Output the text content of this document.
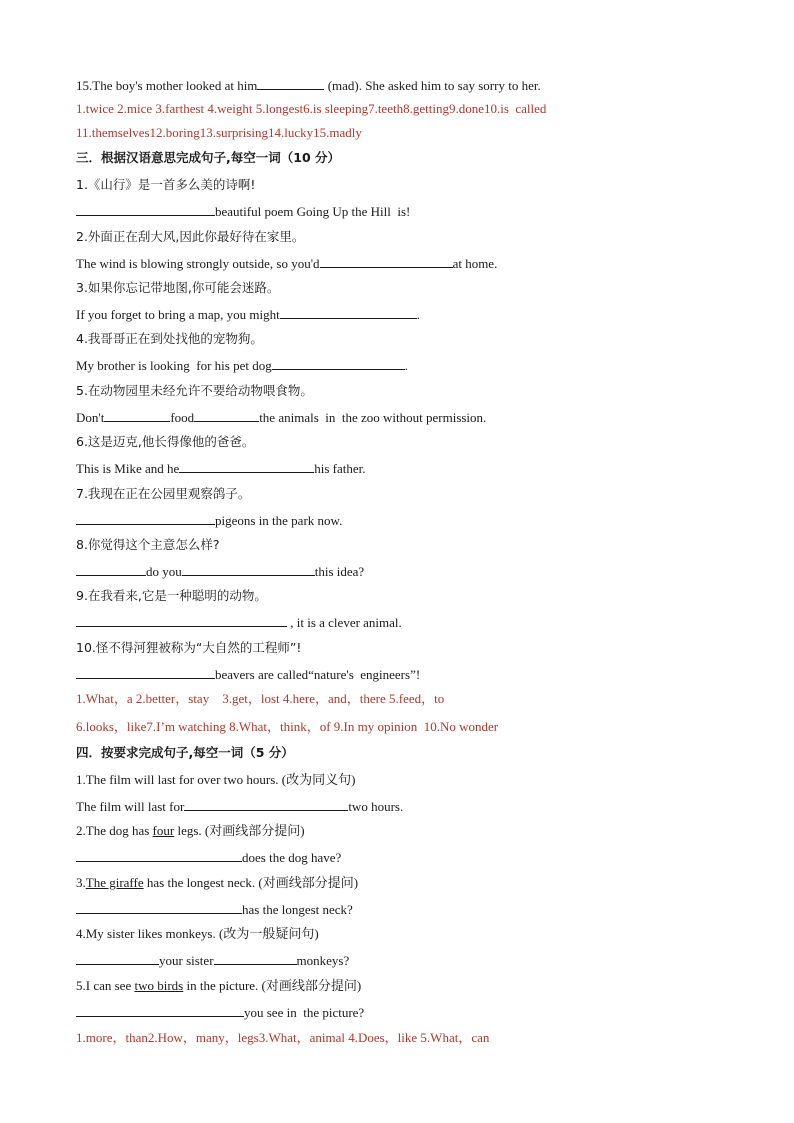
15.The boy's mother looked at him	(mad). She asked him to say sorry to her.
1.twice 2.mice 3.farthest 4.weight 5.longest6.is sleeping7.teeth8.getting9.done10.is  called
11.themselves12.boring13.surprising14.lucky15.madly
三．根据汉语意思完成句子,每空一词（10 分）
1.《山行》是一首多么美的诗啊!
beautiful poem Going Up the Hill  is!
2.外面正在刮大风,因此你最好待在家里。
The wind is blowing strongly outside, so you'd	at home.
3.如果你忘记带地图,你可能会迷路。
If you forget to bring a map, you might	.
4.我哥哥正在到处找他的宠物狗。
My brother is looking  for his pet dog	.
5.在动物园里未经允许不要给动物喂食物。
Don't	food	the animals  in  the zoo without permission.
6.这是迈克,他长得像他的爸爸。
This is Mike and he	his father.
7.我现在正在公园里观察鸽子。
pigeons in the park now.
8.你觉得这个主意怎么样?
do you	this idea?
9.在我看来,它是一种聪明的动物。
, it is a clever animal.
10.怪不得河狸被称为“大自然的工程师”!
beavers are called“nature's  engineers”!
1.What，a 2.better，stay    3.get，lost 4.here，and，there 5.feed，to
6.looks，like7.I’m watching 8.What，think，of 9.In my opinion  10.No wonder
四．按要求完成句子,每空一词（5 分）
1.The film will last for over two hours. (改为同义句)
The film will last for	two hours.
2.The dog has four legs. (对画线部分提问)
does the dog have?
3.The giraffe has the longest neck. (对画线部分提问)
has the longest neck?
4.My sister likes monkeys. (改为一般疑问句)
your sister	monkeys?
5.I can see two birds in the picture. (对画线部分提问)
you see in  the picture?
1.more，than2.How，many，legs3.What，animal 4.Does，like 5.What，can
